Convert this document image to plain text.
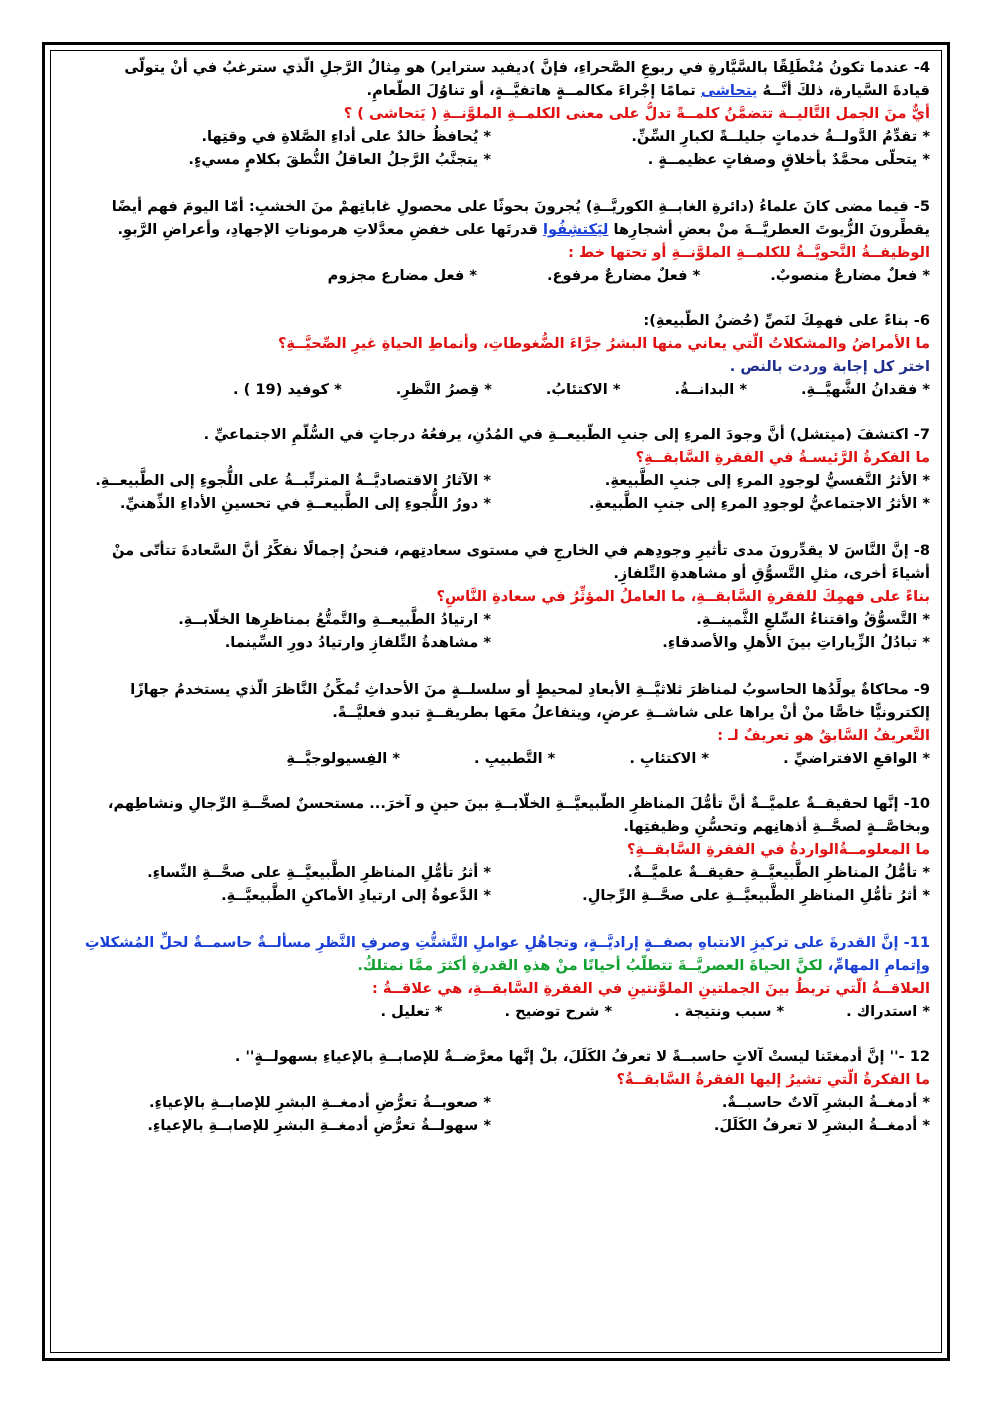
4- عندما تكونُ مُنْطَلِقًا بالسَّيَّارةِ في ربوعِ الصَّحراءِ، فإنَّ )ديفيد ستراير) هو مِثالُ الرَّجلِ الّذي سترغبُ في أنْ يتولّى

قيادةَ السَّيارة، ذلكَ أنَّــهُ يتحاشى تمامًا إجْراءَ مكالمــةٍ هاتفيَّــةٍ، أو تناوُلَ الطَّعامِ.

أيٌّ منَ الجمل التَّاليــة تتضمَّنُ كلمــةً تدلُّ على معنى الكلمــةِ الملوَّنــةِ ( يَتحاشى ) ؟

* تقدِّمُ الدَّولــةُ خدماتٍ جليلــةً لكبارِ السِّنِّ.
* يُحافظُ خالدٌ على أداءِ الصَّلاةِ في وقتِها.
* يتحلّى محمَّدٌ بأخلاقٍ وصفاتٍ عظيمــةٍ .
* يتجنَّبُ الرَّجلُ العاقلُ النُّطقَ بكلامٍ مسيءٍ.

5- فيما مضى كانَ علماءُ (دائرةِ الغابــةِ الكوريَّــةِ) يُجرونَ بحوثًا على محصولِ غاباتِهمْ منَ الخشبِ: أمّا اليومَ فهم أيضًا

يقطِّرونَ الزُّيوتَ العطريَّــةَ منْ بعضِ أشجارِها ليَكتشِفُوا قدرتَها على خفضِ معدَّلاتِ هرموناتِ الإجهادِ، وأعراضِ الرَّبوِ.

الوظيفــةُ النَّحويَّــةُ للكلمــةِ الملوَّنــةِ أو تحتها خط :

* فعلٌ مضارعٌ منصوبٌ.
* فعلٌ مضارعٌ مرفوع.
* فعل مضارع مجزوم

6- بناءً على فهمِكَ لنَصِّ (حُضنُ الطَّبيعةِ):

ما الأمراضُ والمشكلاتُ الّتي يعاني منها البشرُ جرَّاءَ الضُّغوطاتِ، وأنماطِ الحياةِ غيرِ الصِّحيَّــةِ؟

اختر كل إجابة وردت بالنص .

* فقدانُ الشَّهيَّــةِ.
* البدانــةُ.
* الاكتئابُ.
* قِصرُ النَّظرِ.
* كوفيد (19 ) .

7- اكتشفَ (ميتشل) أنَّ وجودَ المرءِ إلى جنبِ الطَّبيعــةِ في المُدُنِ، يرفعُهُ درجاتٍ في السُّلَّمِ الاجتماعيِّ .

ما الفكرةُ الرَّئيسـةُ في الفقرةِ السَّابقــةِ؟

* الأثرُ النَّفسيُّ لوجودِ المرءِ إلى جنبِ الطَّبيعةِ.
* الآثارُ الاقتصاديَّــةُ المترتِّبــةُ على اللُّجوءِ إلى الطَّبيعــةِ.
* الأثرُ الاجتماعيُّ لوجودِ المرءِ إلى جنبِ الطَّبيعةِ.
* دورُ اللُّجوءِ إلى الطَّبيعــةِ في تحسينِ الأداءِ الذِّهنيِّ.

8- إنَّ النَّاسَ لا يقدِّرونَ مدى تأثيرِ وجودِهم في الخارجِ في مستوى سعادتِهم، فنحنُ إجمالًا نفكِّرُ أنَّ السَّعادةَ تتأتّى منْ

أشياءَ أخرى، مثلِ التَّسوُّقِ أو مشاهدةِ التِّلفازِ.

بناءً على فهمِكَ للفقرةِ السَّابقــةِ، ما العاملُ المؤثِّرُ في سعادةِ النَّاسِ؟

* التَّسوُّقُ واقتناءُ السِّلعِ الثَّمينــةِ.
* ارتيادُ الطَّبيعــةِ والتَّمتُّعُ بمناظرِها الخلّابــةِ.
* تبادُلُ الزِّياراتِ بينَ الأهلِ والأصدقاءِ.
* مشاهدةُ التِّلفازِ وارتيادُ دورِ السِّينما.

9- محاكاةٌ يولِّدُها الحاسوبُ لمناظرَ ثلاثيَّــةِ الأبعادِ لمحيطٍ أو سلسلــةٍ منَ الأحداثِ تُمكِّنُ النَّاظرَ الّذي يستخدمُ جهازًا

إلكترونيًّا خاصًّا منْ أنْ يراها على شاشــةِ عرضٍ، ويتفاعلُ معَها بطريقــةٍ تبدو فعليَّــةً.

التَّعريفُ السَّابقُ هو تعريفٌ لـ :

* الواقعِ الافتراضيِّ .
* الاكتئابِ .
* التَّطبيبِ .
* الفِسيولوجيَّــةِ

10- إنَّها لحقيقــةٌ علميَّــةٌ أنَّ تأمُّلَ المناظرِ الطَّبيعيَّــةِ الخلّابــةِ بينَ حينٍ و آخرَ... مستحسنٌ لصحَّــةِ الرِّجالِ ونشاطِهم،

وبخاصَّــةٍ لصحَّــةِ أذهانِهم وتحسُّنِ وظيفتِها.

ما المعلومــةُالواردةُ في الفقرةِ السَّابقــةِ؟

* تأمُّلُ المناظرِ الطَّبيعيَّــةِ حقيقــةٌ علميَّــةٌ.
* أثرُ تأمُّلِ المناظرِ الطَّبيعيَّــةِ على صحَّــةِ النِّساءِ.
* أثرُ تأمُّلِ المناظرِ الطَّبيعيَّــةِ على صحَّــةِ الرِّجالِ.
* الدَّعوةُ إلى ارتيادِ الأماكنِ الطَّبيعيَّــةِ.

11- إنَّ القدرةَ على تركيزِ الانتباهِ بصفــةٍ إراديَّــةٍ، وتجاهُلِ عواملِ التَّشتُّتِ وصرفِ النَّظرِ مسألــةٌ حاسمــةٌ لحلِّ المُشكلاتِ

وإتمامِ المهامِّ، لكنَّ الحياةَ العصريَّــةَ تتطلَّبُ أحيانًا منْ هذهِ القدرةِ أكثرَ ممَّا نمتلكُ.

العلاقــةُ الّتي تربطُ بينَ الجملتينِ الملوَّنتينِ في الفقرةِ السَّابقــةِ، هي علاقــةُ :

* استدراك .
* سبب ونتيجة .
* شرح توضيح .
* تعليل .

12 -'' إنَّ أدمغتَنا ليستْ آلاتٍ حاسبــةً لا تعرفُ الكَلَلَ، بلْ إنَّها معرَّضــةٌ للإصابــةِ بالإعياءِ بسهولــةٍ'' .

ما الفكرةُ الّتي تشيرُ إليها الفقرةُ السَّابقــةُ؟

* أدمغــةُ البشرِ آلاتٌ حاسبــةٌ.
* صعوبــةُ تعرُّضِ أدمغــةِ البشرِ للإصابــةِ بالإعياءِ.
* أدمغــةُ البشرِ لا تعرفُ الكَلَلَ.
* سهولــةُ تعرُّضِ أدمغــةِ البشرِ للإصابــةِ بالإعياءِ.
